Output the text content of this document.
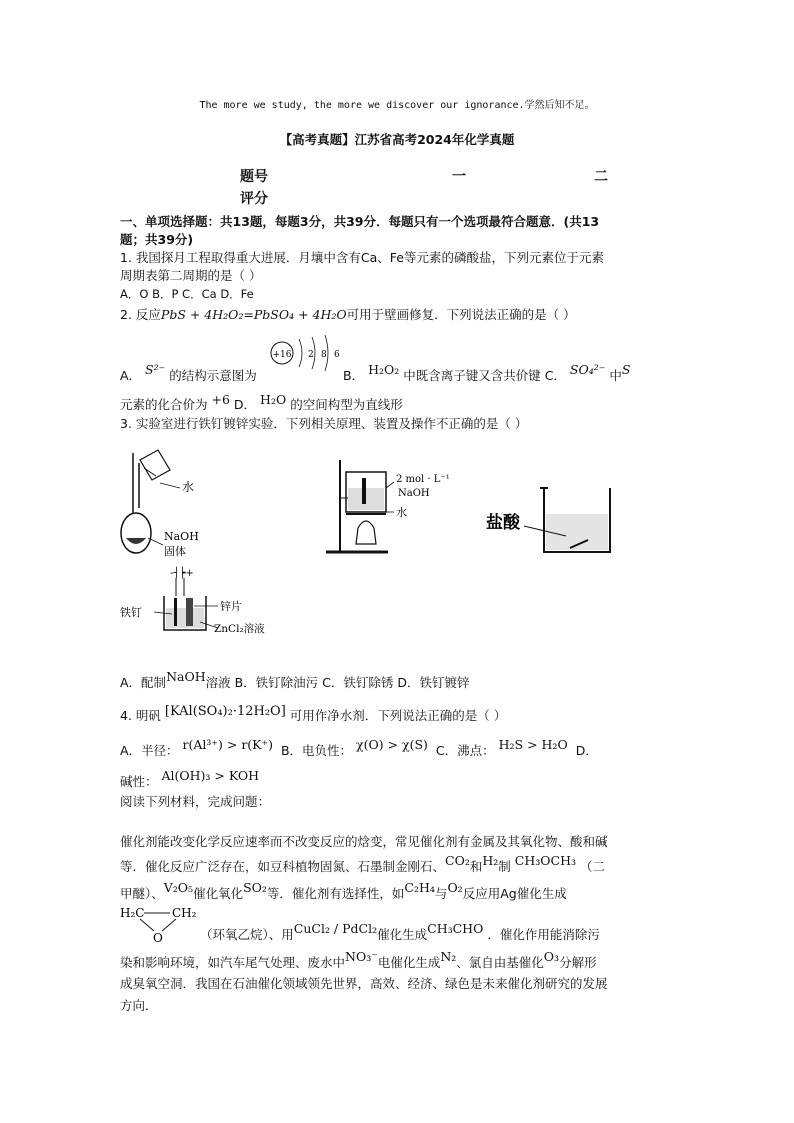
The more we study, the more we discover our ignorance.学然后知不足。
【高考真题】江苏省高考2024年化学真题
题号	一	二
评分
一、单项选择题：共13题，每题3分，共39分．每题只有一个选项最符合题意．(共13
题；共39分)
1. 我国探月工程取得重大进展．月壤中含有Ca、Fe等元素的磷酸盐，下列元素位于元素
周期表第二周期的是（ ）
A．O B．P C．Ca D．Fe
2. 反应PbS + 4H₂O₂=PbSO₄ + 4H₂O可用于壁画修复．下列说法正确的是（ ）
A． S²⁻ 的结构示意图为
+16 2 8 6
B． H₂O₂ 中既含离子键又含共价键 C． SO₄²⁻ 中S
元素的化合价为 +6 D． H₂O 的空间构型为直线形
3. 实验室进行铁钉镀锌实验．下列相关原理、装置及操作不正确的是（ ）
水
NaOH
固体
2 mol · L⁻¹
NaOH
水
盐酸
-┤┝+
铁钉	锌片
ZnCl₂溶液
A．配制NaOH溶液 B．铁钉除油污 C．铁钉除锈 D．铁钉镀锌
4. 明矾 [KAl(SO₄)₂·12H₂O] 可用作净水剂．下列说法正确的是（ ）
A．半径： r(Al³⁺) > r(K⁺) B．电负性： χ(O) > χ(S) C．沸点： H₂S > H₂O D．
碱性： Al(OH)₃ > KOH
阅读下列材料，完成问题：
催化剂能改变化学反应速率而不改变反应的焓变，常见催化剂有金属及其氧化物、酸和碱
等．催化反应广泛存在，如豆科植物固氮、石墨制金刚石、CO₂和H₂制 CH₃OCH₃ （二
甲醚）、V₂O₅催化氧化SO₂等．催化剂有选择性，如C₂H₄与O₂反应用Ag催化生成
H₂C CH₂
O	（环氧乙烷）、用CuCl₂ / PdCl₂催化生成CH₃CHO ．催化作用能消除污
染和影响环境，如汽车尾气处理、废水中NO₃⁻电催化生成N₂、氯自由基催化O₃分解形
成臭氧空洞．我国在石油催化领域领先世界，高效、经济、绿色是未来催化剂研究的发展
方向．
